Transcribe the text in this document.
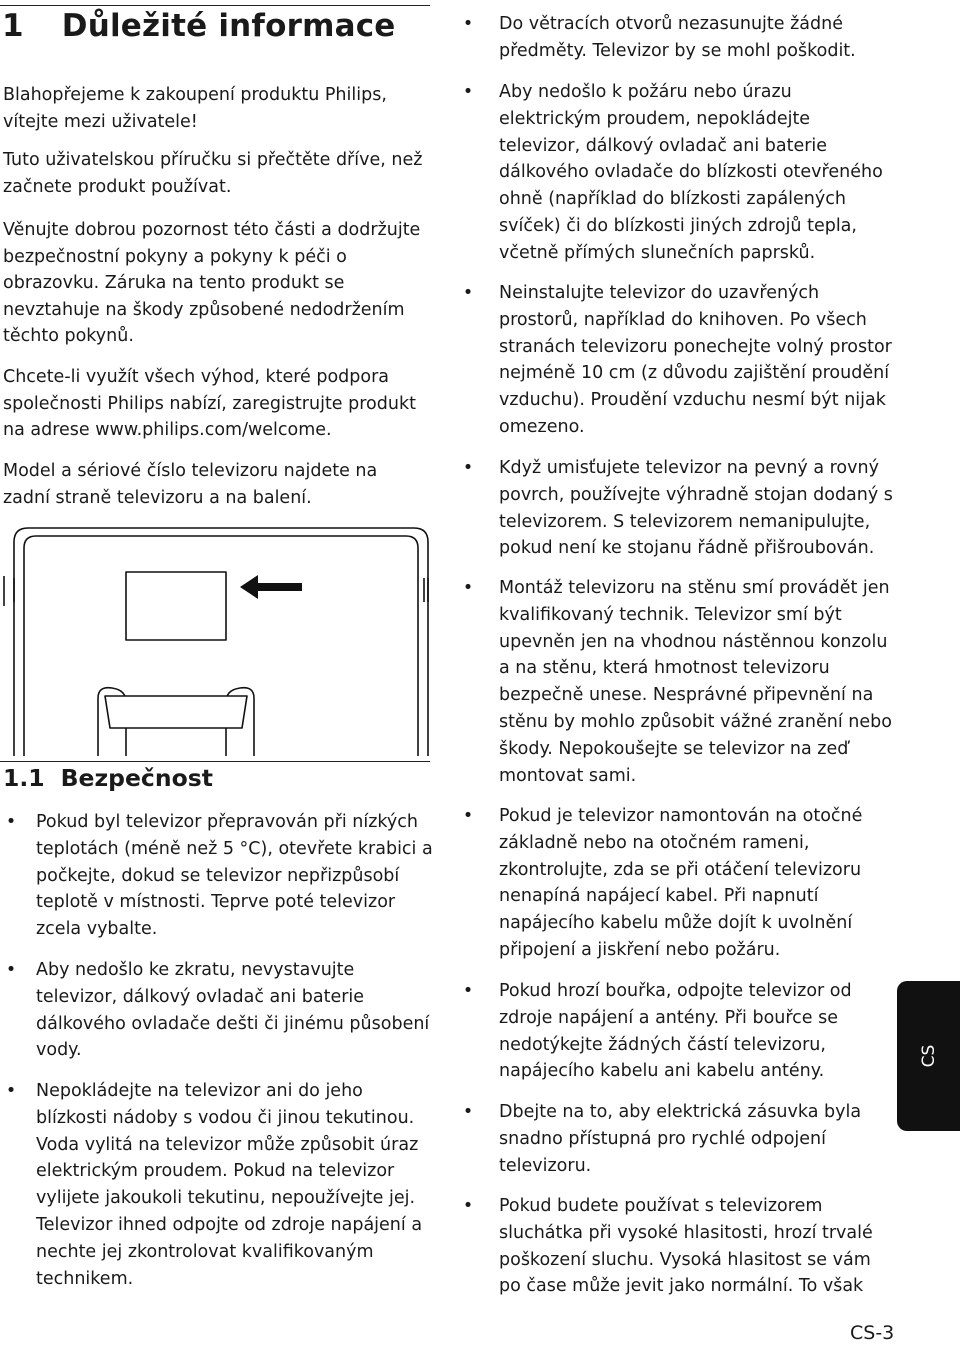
1 Důležité informace

Blahopřejeme k zakoupení produktu Philips, vítejte mezi uživatele!

Tuto uživatelskou příručku si přečtěte dříve, než začnete produkt používat.

Věnujte dobrou pozornost této části a dodržujte bezpečnostní pokyny a pokyny k péči o obrazovku. Záruka na tento produkt se nevztahuje na škody způsobené nedodržením těchto pokynů.

Chcete-li využít všech výhod, které podpora společnosti Philips nabízí, zaregistrujte produkt na adrese www.philips.com/welcome.

Model a sériové číslo televizoru najdete na zadní straně televizoru a na balení.

1.1 Bezpečnost
• Pokud byl televizor přepravován při nízkých teplotách (méně než 5 °C), otevřete krabici a počkejte, dokud se televizor nepřizpůsobí teplotě v místnosti. Teprve poté televizor zcela vybalte.
• Aby nedošlo ke zkratu, nevystavujte televizor, dálkový ovladač ani baterie dálkového ovladače dešti či jinému působení vody.
• Nepokládejte na televizor ani do jeho blízkosti nádoby s vodou či jinou tekutinou. Voda vylitá na televizor může způsobit úraz elektrickým proudem. Pokud na televizor vylijete jakoukoli tekutinu, nepoužívejte jej. Televizor ihned odpojte od zdroje napájení a nechte jej zkontrolovat kvalifikovaným technikem.
• Do větracích otvorů nezasunujte žádné předměty. Televizor by se mohl poškodit.
• Aby nedošlo k požáru nebo úrazu elektrickým proudem, nepokládejte televizor, dálkový ovladač ani baterie dálkového ovladače do blízkosti otevřeného ohně (například do blízkosti zapálených svíček) či do blízkosti jiných zdrojů tepla, včetně přímých slunečních paprsků.
• Neinstalujte televizor do uzavřených prostorů, například do knihoven. Po všech stranách televizoru ponechejte volný prostor nejméně 10 cm (z důvodu zajištění proudění vzduchu). Proudění vzduchu nesmí být nijak omezeno.
• Když umisťujete televizor na pevný a rovný povrch, používejte výhradně stojan dodaný s televizorem. S televizorem nemanipulujte, pokud není ke stojanu řádně přišroubován.
• Montáž televizoru na stěnu smí provádět jen kvalifikovaný technik. Televizor smí být upevněn jen na vhodnou nástěnnou konzolu a na stěnu, která hmotnost televizoru bezpečně unese. Nesprávné připevnění na stěnu by mohlo způsobit vážné zranění nebo škody. Nepokoušejte se televizor na zeď montovat sami.
• Pokud je televizor namontován na otočné základně nebo na otočném rameni, zkontrolujte, zda se při otáčení televizoru nenapíná napájecí kabel. Při napnutí napájecího kabelu může dojít k uvolnění připojení a jiskření nebo požáru.
• Pokud hrozí bouřka, odpojte televizor od zdroje napájení a antény. Při bouřce se nedotýkejte žádných částí televizoru, napájecího kabelu ani kabelu antény.
• Dbejte na to, aby elektrická zásuvka byla snadno přístupná pro rychlé odpojení televizoru.
• Pokud budete používat s televizorem sluchátka při vysoké hlasitosti, hrozí trvalé poškození sluchu. Vysoká hlasitost se vám po čase může jevit jako normální. To však
CS
CS-3
